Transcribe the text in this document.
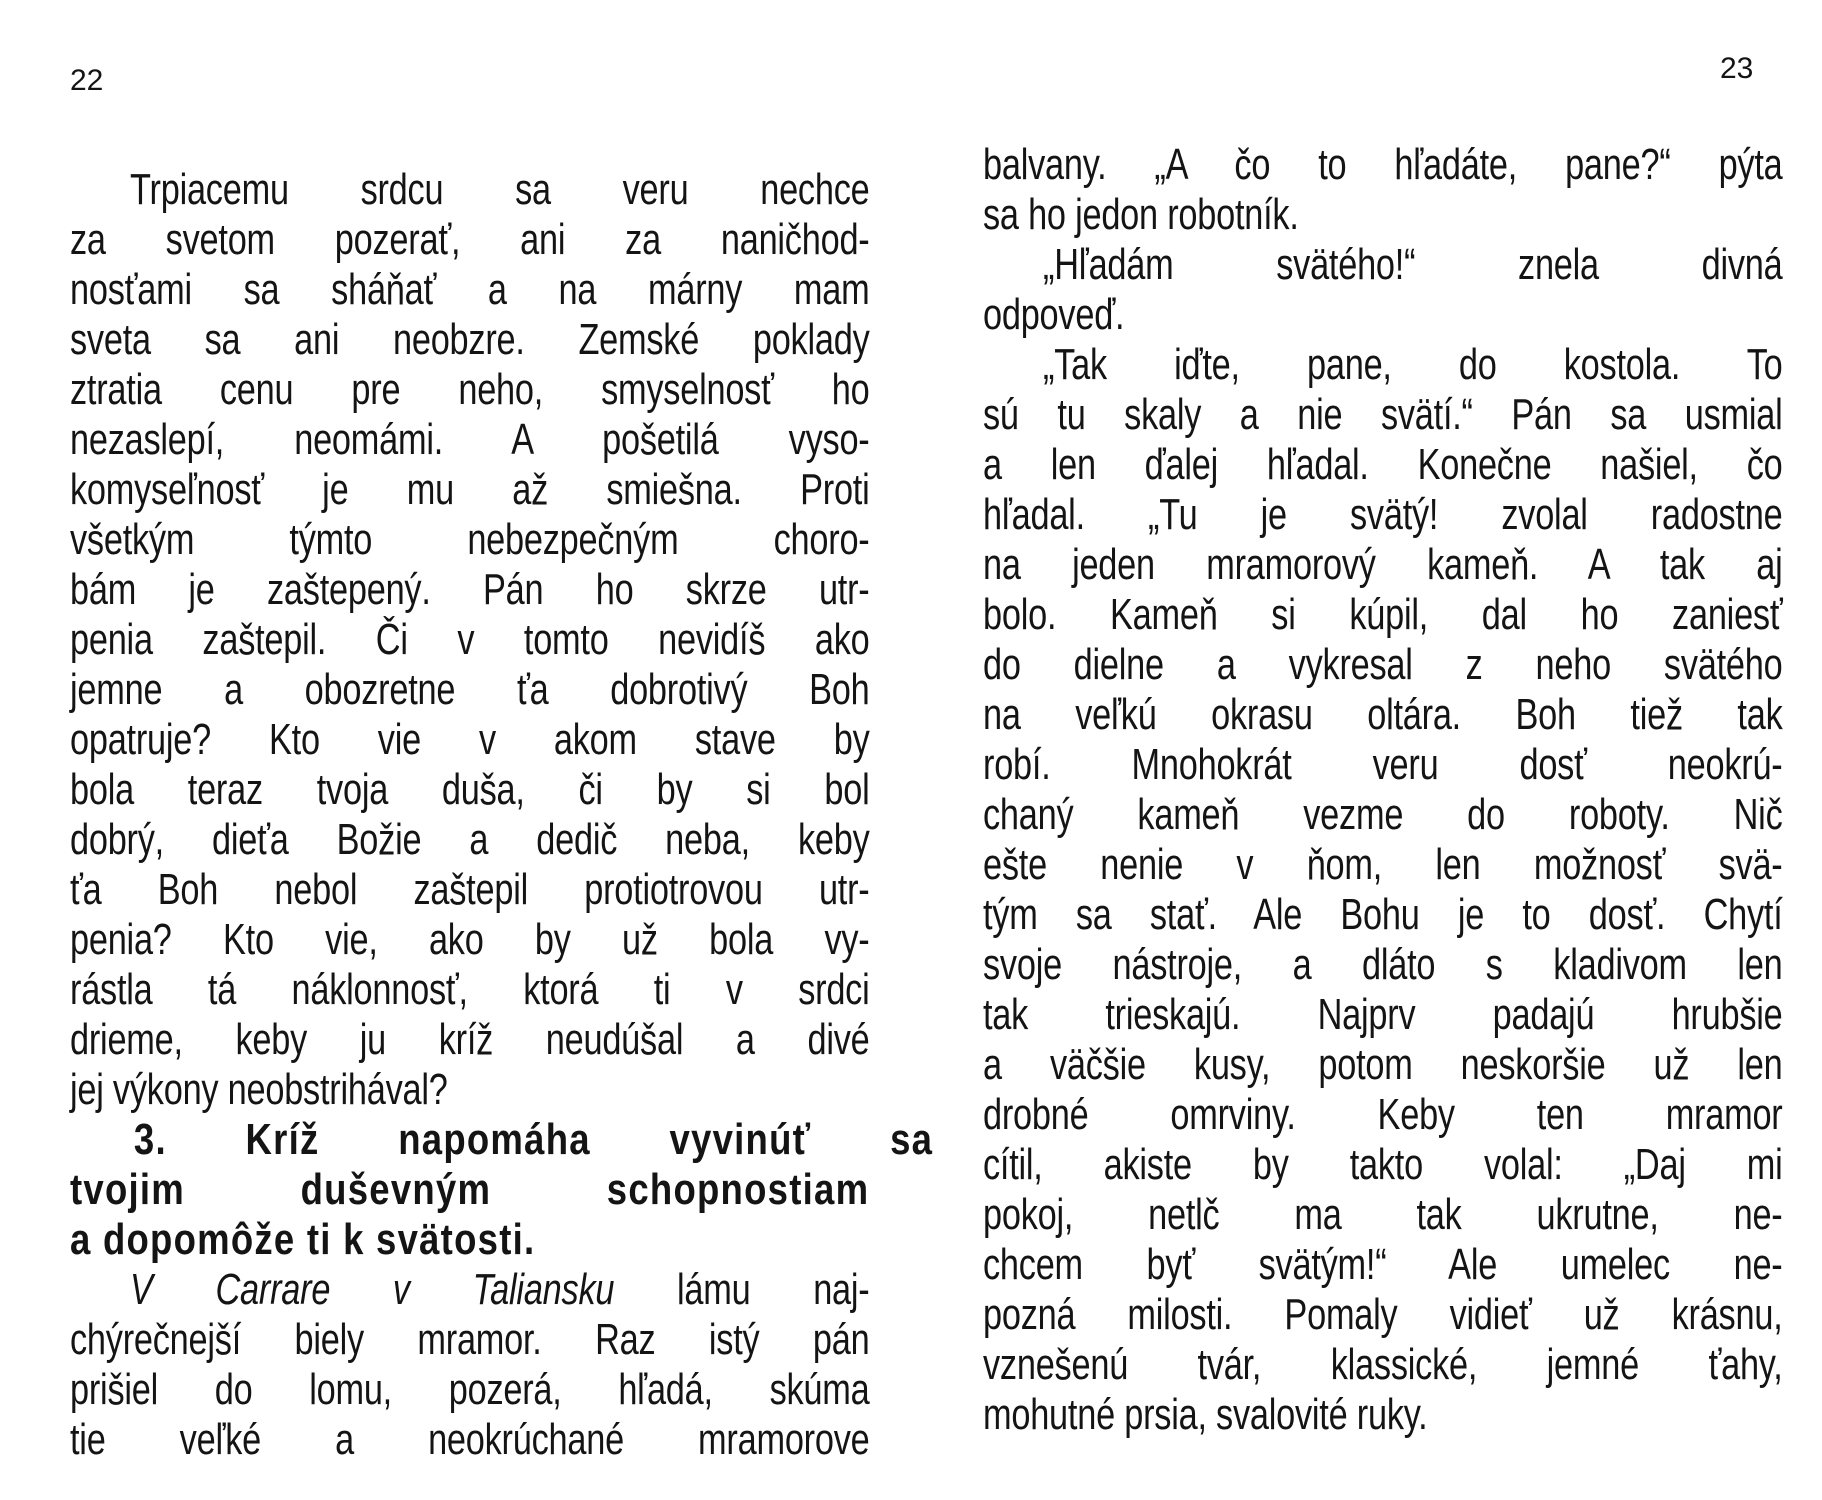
22
Trpiacemu srdcu sa veru nechce
za svetom pozerať, ani za naničhod-
nosťami sa sháňať a na márny mam
sveta sa ani neobzre. Zemské poklady
ztratia cenu pre neho, smyselnosť ho
nezaslepí, neomámi. A pošetilá vyso-
komyseľnosť je mu až smiešna. Proti
všetkým týmto nebezpečným choro-
bám je zaštepený. Pán ho skrze utr-
penia zaštepil. Či v tomto nevidíš ako
jemne a obozretne ťa dobrotivý Boh
opatruje? Kto vie v akom stave by
bola teraz tvoja duša, či by si bol
dobrý, dieťa Božie a dedič neba, keby
ťa Boh nebol zaštepil protiotrovou utr-
penia? Kto vie, ako by už bola vy-
rástla tá náklonnosť, ktorá ti v srdci
drieme, keby ju kríž neudúšal a divé
jej výkony neobstrihával?
3. Kríž napomáha vyvinúť sa
tvojim duševným schopnostiam
a dopomôže ti k svätosti.
V Carrare v Taliansku lámu naj-
chýrečnejší biely mramor. Raz istý pán
prišiel do lomu, pozerá, hľadá, skúma
tie veľké a neokrúchané mramorove
23
balvany. „A čo to hľadáte, pane?“ pýta
sa ho jedon robotník.
„Hľadám svätého!“ znela divná
odpoveď.
„Tak iďte, pane, do kostola. To
sú tu skaly a nie svätí.“ Pán sa usmial
a len ďalej hľadal. Konečne našiel, čo
hľadal. „Tu je svätý! zvolal radostne
na jeden mramorový kameň. A tak aj
bolo. Kameň si kúpil, dal ho zaniesť
do dielne a vykresal z neho svätého
na veľkú okrasu oltára. Boh tiež tak
robí. Mnohokrát veru dosť neokrú-
chaný kameň vezme do roboty. Nič
ešte nenie v ňom, len možnosť svä-
tým sa stať. Ale Bohu je to dosť. Chytí
svoje nástroje, a dláto s kladivom len
tak trieskajú. Najprv padajú hrubšie
a väčšie kusy, potom neskoršie už len
drobné omrviny. Keby ten mramor
cítil, akiste by takto volal: „Daj mi
pokoj, netlč ma tak ukrutne, ne-
chcem byť svätým!“ Ale umelec ne-
pozná milosti. Pomaly vidieť už krásnu,
vznešenú tvár, klassické, jemné ťahy,
mohutné prsia, svalovité ruky.
